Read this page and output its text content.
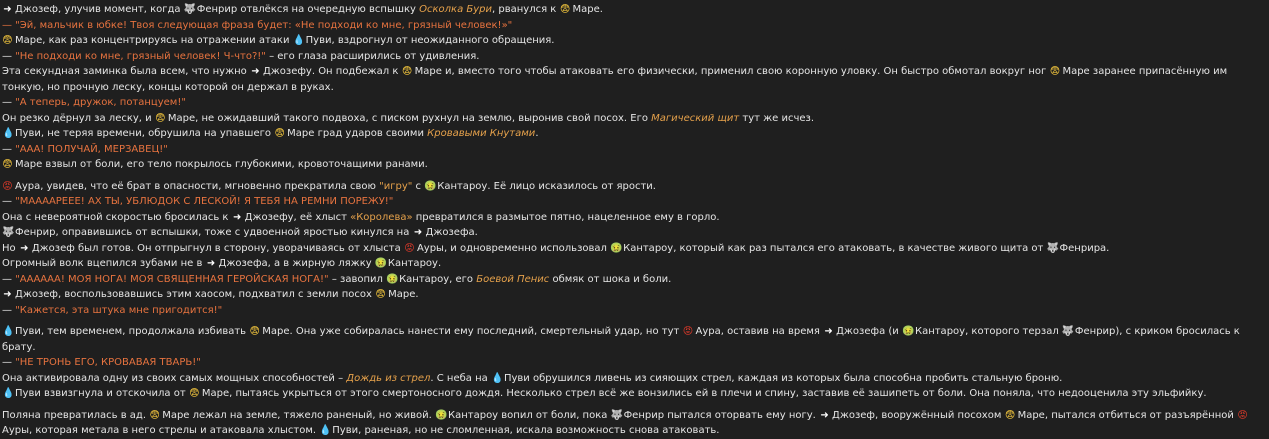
➜ Джозеф, улучив момент, когда 🐺Фенрир отвлёкся на очередную вспышку Осколка Бури, рванулся к 😨 Маре.
— "Эй, мальчик в юбке! Твоя следующая фраза будет: «Не подходи ко мне, грязный человек!»"
😨 Маре, как раз концентрируясь на отражении атаки 💧Пуви, вздрогнул от неожиданного обращения.
— "Не подходи ко мне, грязный человек! Ч-что?!" – его глаза расширились от удивления.
Эта секундная заминка была всем, что нужно ➜ Джозефу. Он подбежал к 😨 Маре и, вместо того чтобы атаковать его физически, применил свою коронную уловку. Он быстро обмотал вокруг ног 😨 Маре заранее припасённую им тонкую, но прочную леску, концы которой он держал в руках.
— "А теперь, дружок, потанцуем!"
Он резко дёрнул за леску, и 😨 Маре, не ожидавший такого подвоха, с писком рухнул на землю, выронив свой посох. Его Магический щит тут же исчез.
💧Пуви, не теряя времени, обрушила на упавшего 😨 Маре град ударов своими Кровавыми Кнутами.
— "ААА! ПОЛУЧАЙ, МЕРЗАВЕЦ!"
😨 Маре взвыл от боли, его тело покрылось глубокими, кровоточащими ранами.
😡 Аура, увидев, что её брат в опасности, мгновенно прекратила свою "игру" с 🤢Кантароу. Её лицо исказилось от ярости.
— "МААААРЕЕЕ! АХ ТЫ, УБЛЮДОК С ЛЕСКОЙ! Я ТЕБЯ НА РЕМНИ ПОРЕЖУ!"
Она с невероятной скоростью бросилась к ➜ Джозефу, её хлыст «Королева» превратился в размытое пятно, нацеленное ему в горло.
🐺Фенрир, оправившись от вспышки, тоже с удвоенной яростью кинулся на ➜ Джозефа.
Но ➜ Джозеф был готов. Он отпрыгнул в сторону, уворачиваясь от хлыста 😡 Ауры, и одновременно использовал 🤢Кантароу, который как раз пытался его атаковать, в качестве живого щита от 🐺Фенрира.
Огромный волк вцепился зубами не в ➜ Джозефа, а в жирную ляжку 🤢Кантароу.
— "АААААА! МОЯ НОГА! МОЯ СВЯЩЕННАЯ ГЕРОЙСКАЯ НОГА!" – завопил 🤢Кантароу, его Боевой Пенис обмяк от шока и боли.
➜ Джозеф, воспользовавшись этим хаосом, подхватил с земли посох 😨 Маре.
— "Кажется, эта штука мне пригодится!"
💧Пуви, тем временем, продолжала избивать 😨 Маре. Она уже собиралась нанести ему последний, смертельный удар, но тут 😡 Аура, оставив на время ➜ Джозефа (и 🤢Кантароу, которого терзал 🐺Фенрир), с криком бросилась к брату.
— "НЕ ТРОНЬ ЕГО, КРОВАВАЯ ТВАРЬ!"
Она активировала одну из своих самых мощных способностей – Дождь из стрел. С неба на 💧Пуви обрушился ливень из сияющих стрел, каждая из которых была способна пробить стальную броню.
💧Пуви взвизгнула и отскочила от 😨 Маре, пытаясь укрыться от этого смертоносного дождя. Несколько стрел всё же вонзились ей в плечи и спину, заставив её зашипеть от боли. Она поняла, что недооценила эту эльфийку.
Поляна превратилась в ад. 😨 Маре лежал на земле, тяжело раненый, но живой. 🤢Кантароу вопил от боли, пока 🐺Фенрир пытался оторвать ему ногу. ➜ Джозеф, вооружённый посохом 😨 Маре, пытался отбиться от разъярённой 😡Ауры, которая метала в него стрелы и атаковала хлыстом. 💧Пуви, раненая, но не сломленная, искала возможность снова атаковать.
